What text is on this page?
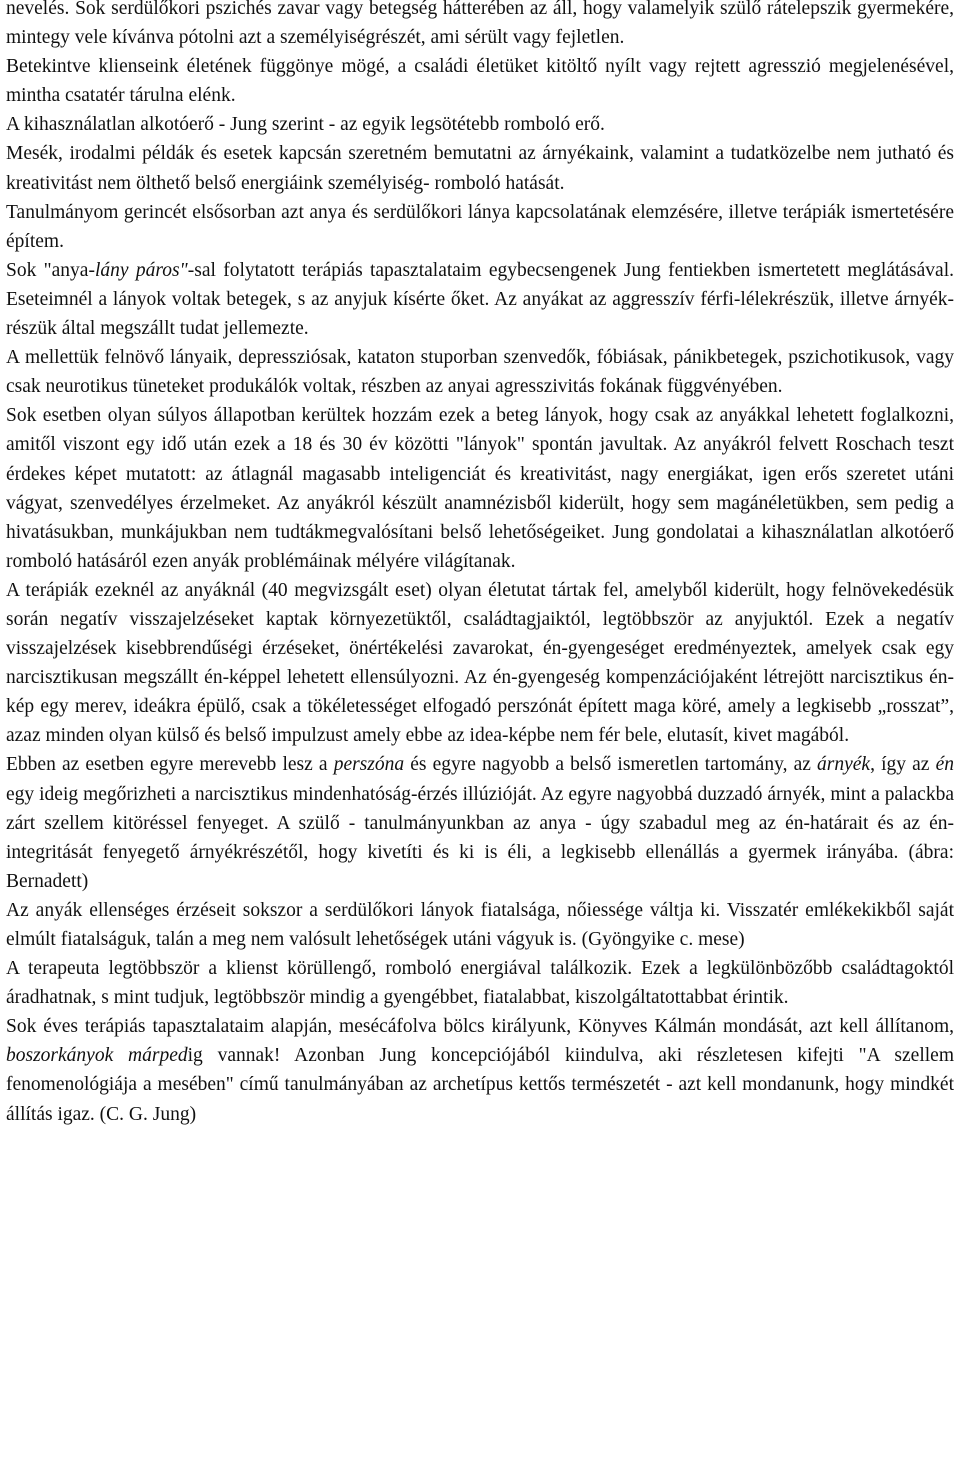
nevelés. Sok serdülőkori pszichés zavar vagy betegség hátterében az áll, hogy valamelyik szülő rátelepszik gyermekére, mintegy vele kívánva pótolni azt a személyiségrészét, ami sérült vagy fejletlen.

Betekintve klienseink életének függönye mögé, a családi életüket kitöltő nyílt vagy rejtett agresszió megjelenésével, mintha csatatér tárulna elénk.

A kihasználatlan alkotóerő - Jung szerint - az egyik legsötétebb romboló erő.

Mesék, irodalmi példák és esetek kapcsán szeretném bemutatni az árnyékaink, valamint a tudatközelbe nem jutható és kreativitást nem ölthető belső energiáink személyiség- romboló hatását.

Tanulmányom gerincét elsősorban azt anya és serdülőkori lánya kapcsolatának elemzésére, illetve terápiák ismertetésére építem.

Sok "anya-lány páros"-sal folytatott terápiás tapasztalataim egybecsengenek Jung fentiekben ismertetett meglátásával. Eseteimnél a lányok voltak betegek, s az anyjuk kísérte őket. Az anyákat az aggresszív férfi-lélekrészük, illetve árnyék-részük által megszállt tudat jellemezte.

A mellettük felnövő lányaik, depressziósak, kataton stuporban szenvedők, fóbiásak, pánikbetegek, pszichotikusok, vagy csak neurotikus tüneteket produkálók voltak, részben az anyai agresszivitás fokának függvényében.

Sok esetben olyan súlyos állapotban kerültek hozzám ezek a beteg lányok, hogy csak az anyákkal lehetett foglalkozni, amitől viszont egy idő után ezek a 18 és 30 év közötti "lányok" spontán javultak. Az anyákról felvett Roschach teszt érdekes képet mutatott: az átlagnál magasabb inteligenciát és kreativitást, nagy energiákat, igen erős szeretet utáni vágyat, szenvedélyes érzelmeket. Az anyákról készült anamnézisből kiderült, hogy sem magánéletükben, sem pedig a hivatásukban, munkájukban nem tudtákmegvalósítani belső lehetőségeiket. Jung gondolatai a kihasználatlan alkotóerő romboló hatásáról ezen anyák problémáinak mélyére világítanak.

A terápiák ezeknél az anyáknál (40 megvizsgált eset) olyan életutat tártak fel, amelyből kiderült, hogy felnövekedésük során negatív visszajelzéseket kaptak környezetüktől, családtagjaiktól, legtöbbször az anyjuktól. Ezek a negatív visszajelzések kisebbrendűségi érzéseket, önértékelési zavarokat, én-gyengeséget eredményeztek, amelyek csak egy narcisztikusan megszállt én-képpel lehetett ellensúlyozni. Az én-gyengeség kompenzációjaként létrejött narcisztikus én-kép egy merev, ideákra épülő, csak a tökéletességet elfogadó perszónát épített maga köré, amely a legkisebb „rosszat”, azaz minden olyan külső és belső impulzust amely ebbe az idea-képbe nem fér bele, elutasít, kivet magából.

Ebben az esetben egyre merevebb lesz a perszóna és egyre nagyobb a belső ismeretlen tartomány, az árnyék, így az én egy ideig megőrizheti a narcisztikus mindenhatóság-érzés illúzióját. Az egyre nagyobbá duzzadó árnyék, mint a palackba zárt szellem kitöréssel fenyeget. A szülő - tanulmányunkban az anya - úgy szabadul meg az én-határait és az én-integritását fenyegető árnyékrészétől, hogy kivetíti és ki is éli, a legkisebb ellenállás a gyermek irányába. (ábra: Bernadett)

Az anyák ellenséges érzéseit sokszor a serdülőkori lányok fiatalsága, nőiessége váltja ki. Visszatér emlékekikből saját elmúlt fiatalságuk, talán a meg nem valósult lehetőségek utáni vágyuk is. (Gyöngyike c. mese)

A terapeuta legtöbbször a klienst körüllengő, romboló energiával találkozik. Ezek a legkülönbözőbb családtagoktól áradhatnak, s mint tudjuk, legtöbbször mindig a gyengébbet, fiatalabbat, kiszolgáltatottabbat érintik.

Sok éves terápiás tapasztalataim alapján, mesécáfolva bölcs királyunk, Könyves Kálmán mondását, azt kell állítanom, boszorkányok márpedig vannak! Azonban Jung koncepciójából kiindulva, aki részletesen kifejti "A szellem fenomenológiája a mesében" című tanulmányában az archetípus kettős természetét - azt kell mondanunk, hogy mindkét állítás igaz. (C. G. Jung)
